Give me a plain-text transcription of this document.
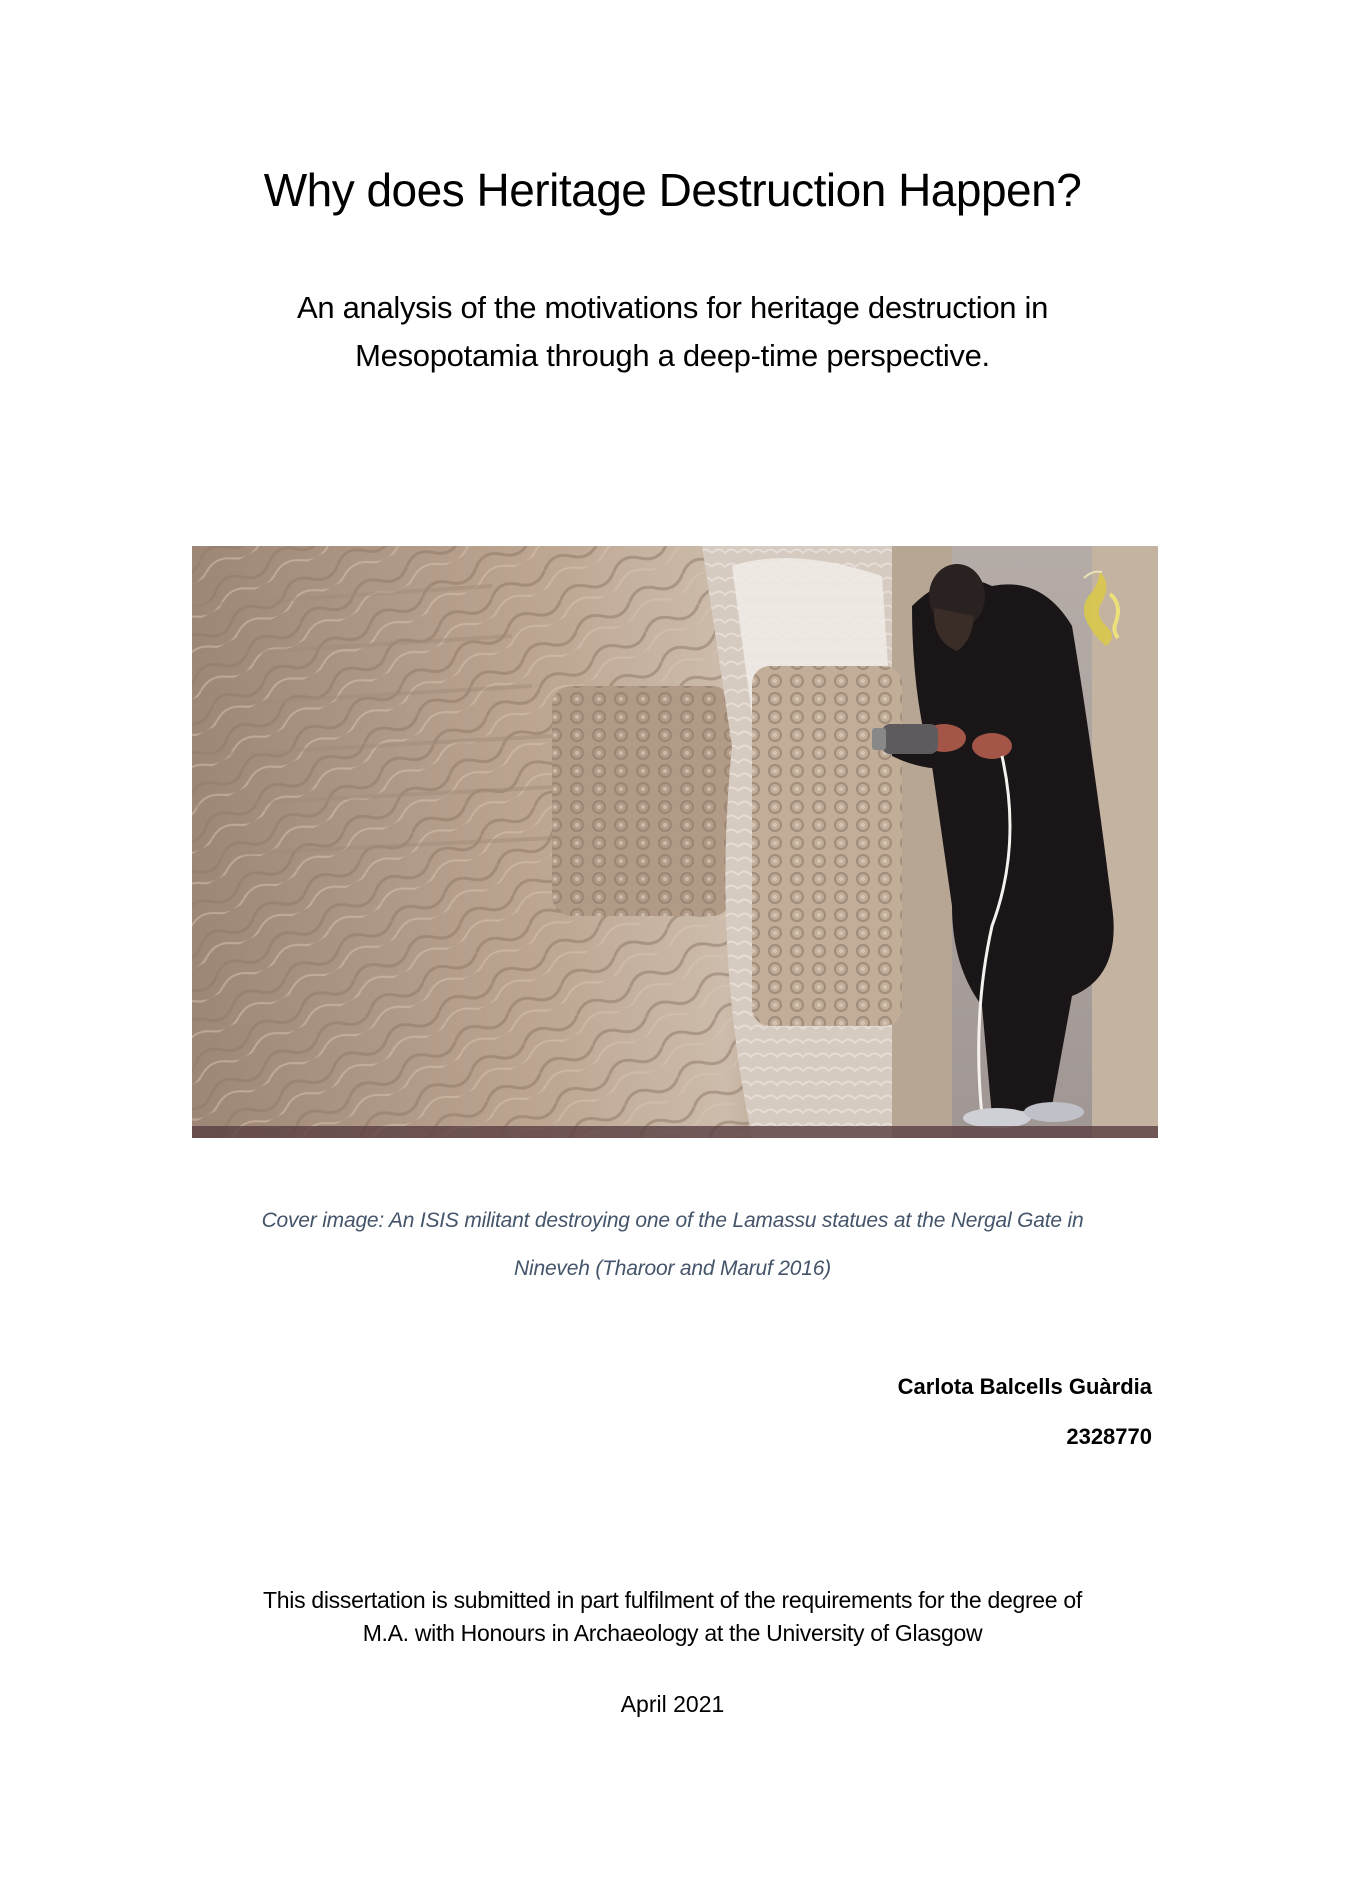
Why does Heritage Destruction Happen?
An analysis of the motivations for heritage destruction in
Mesopotamia through a deep-time perspective.
Cover image: An ISIS militant destroying one of the Lamassu statues at the Nergal Gate in
Nineveh (Tharoor and Maruf 2016)
Carlota Balcells Guàrdia
2328770
This dissertation is submitted in part fulfilment of the requirements for the degree of
M.A. with Honours in Archaeology at the University of Glasgow
April 2021
